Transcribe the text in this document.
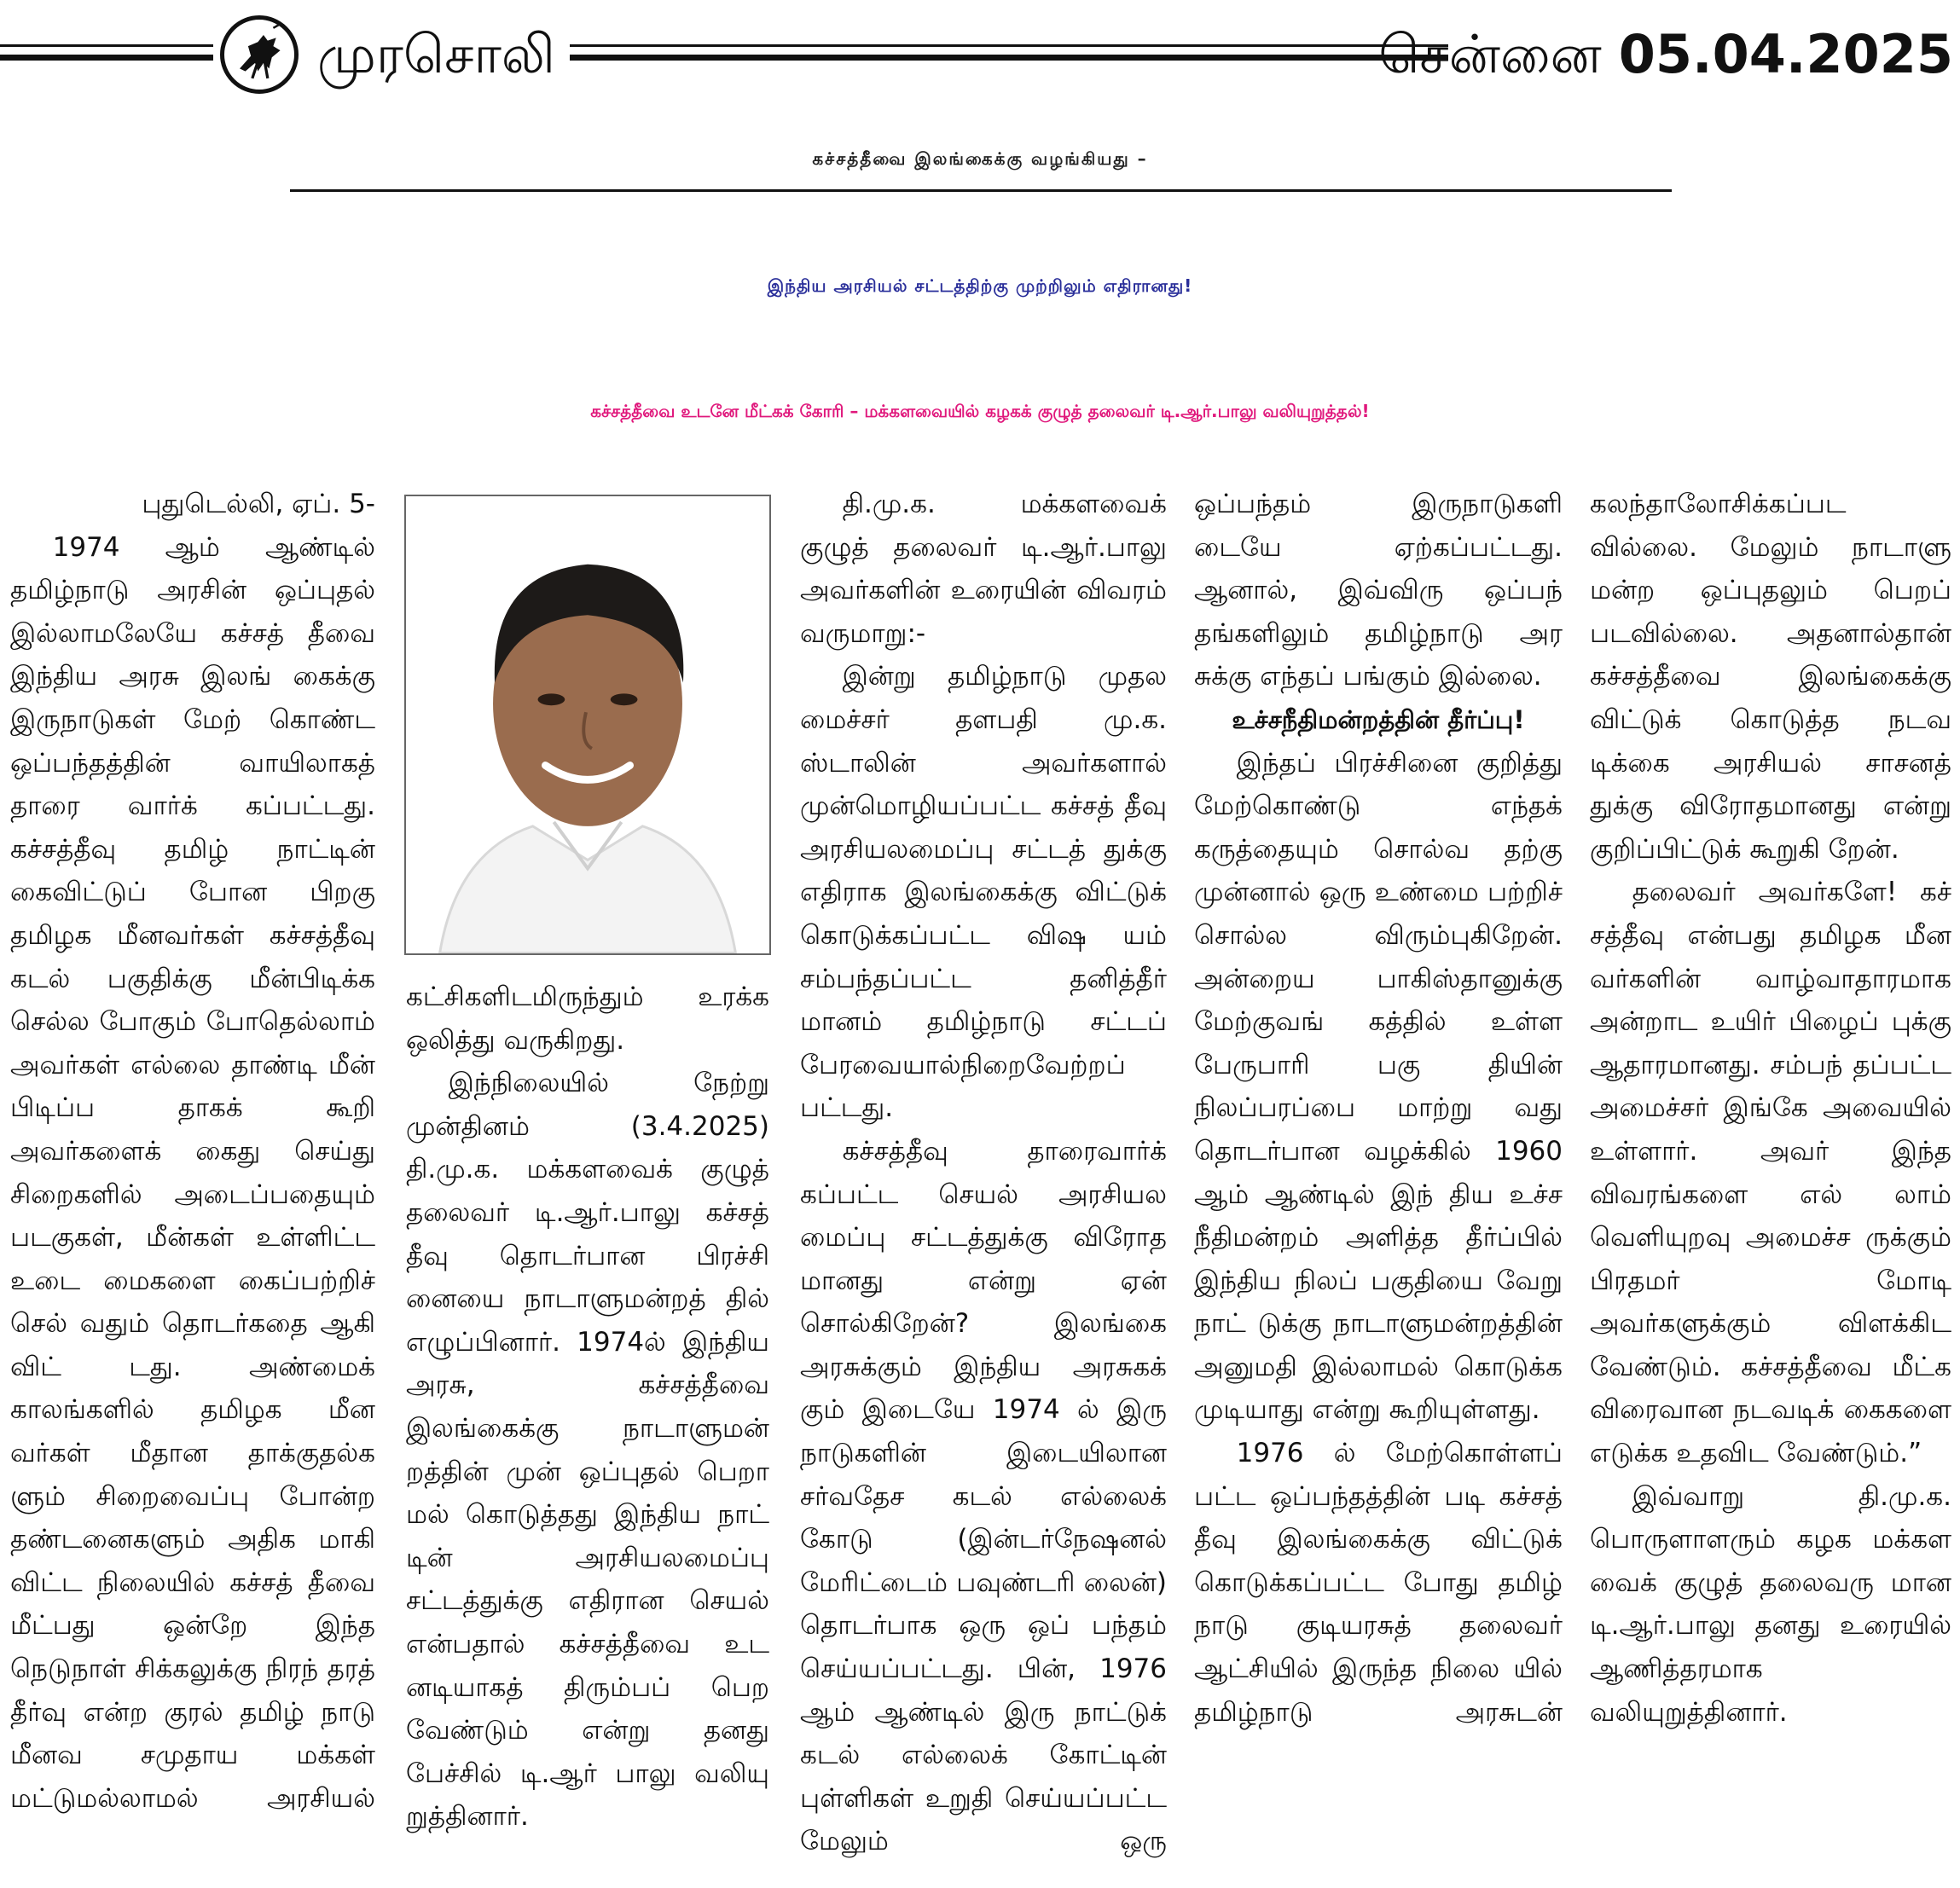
முரசொலி	சென்னை 05.04.2025
கச்சத்தீவை இலங்கைக்கு வழங்கியது –
இந்திய அரசியல் சட்டத்திற்கு முற்றிலும் எதிரானது!
கச்சத்தீவை உடனே மீட்கக் கோரி – மக்களவையில் கழகக் குழுத் தலைவர் டி.ஆர்.பாலு வலியுறுத்தல்!

புதுடெல்லி, ஏப். 5-

1974 ஆம் ஆண்டில் தமிழ்நாடு அரசின் ஒப்புதல் இல்லாமலேயே கச்சத் தீவை இந்திய அரசு இலங் கைக்கு இருநாடுகள் மேற் கொண்ட ஒப்பந்தத்தின் வாயிலாகத் தாரை வார்க் கப்பட்டது. கச்சத்தீவு தமிழ் நாட்டின் கைவிட்டுப் போன பிறகு தமிழக மீனவர்கள் கச்சத்தீவு கடல் பகுதிக்கு மீன்பிடிக்க செல்ல போகும் போதெல்லாம் அவர்கள் எல்லை தாண்டி மீன் பிடிப்ப தாகக் கூறி அவர்களைக் கைது செய்து சிறைகளில் அடைப்பதையும் படகுகள், மீன்கள் உள்ளிட்ட உடை மைகளை கைப்பற்றிச் செல் வதும் தொடர்கதை ஆகி விட் டது. அண்மைக் காலங்களில் தமிழக மீன வர்கள் மீதான தாக்குதல்க ளும் சிறைவைப்பு போன்ற தண்டனைகளும் அதிக மாகி விட்ட நிலையில் கச்சத் தீவை மீட்பது ஒன்றே இந்த நெடுநாள் சிக்கலுக்கு நிரந் தரத் தீர்வு என்ற குரல் தமிழ் நாடு மீனவ சமுதாய மக்கள் மட்டுமல்லாமல் அரசியல்

கட்சிகளிடமிருந்தும் உரக்க ஒலித்து வருகிறது.

இந்நிலையில் நேற்று முன்தினம் (3.4.2025) தி.மு.க. மக்களவைக் குழுத் தலைவர் டி.ஆர்.பாலு கச்சத் தீவு தொடர்பான பிரச்சி னையை நாடாளுமன்றத் தில் எழுப்பினார். 1974ல் இந்திய அரசு, கச்சத்தீவை இலங்கைக்கு நாடாளுமன் றத்தின் முன் ஒப்புதல் பெறா மல் கொடுத்தது இந்திய நாட் டின் அரசியலமைப்பு சட்டத்துக்கு எதிரான செயல் என்பதால் கச்சத்தீவை உட னடியாகத் திரும்பப் பெற வேண்டும் என்று தனது பேச்சில் டி.ஆர் பாலு வலியு றுத்தினார்.

தி.மு.க. மக்களவைக் குழுத் தலைவர் டி.ஆர்.பாலு அவர்களின் உரையின் விவரம் வருமாறு:-

இன்று தமிழ்நாடு முதல மைச்சர் தளபதி மு.க. ஸ்டாலின் அவர்களால் முன்மொழியப்பட்ட கச்சத் தீவு அரசியலமைப்பு சட்டத் துக்கு எதிராக இலங்கைக்கு விட்டுக் கொடுக்கப்பட்ட விஷ யம் சம்பந்தப்பட்ட தனித்தீர் மானம் தமிழ்நாடு சட்டப் பேரவையால்நிறைவேற்றப் பட்டது.

கச்சத்தீவு தாரைவார்க் கப்பட்ட செயல் அரசியல மைப்பு சட்டத்துக்கு விரோத மானது என்று ஏன் சொல்கிறேன்? இலங்கை அரசுக்கும் இந்திய அரசுகக் கும் இடையே 1974 ல் இரு நாடுகளின் இடையிலான சர்வதேச கடல் எல்லைக் கோடு (இன்டர்நேஷனல் மேரிட்டைம் பவுண்டரி லைன்) தொடர்பாக ஒரு ஒப் பந்தம் செய்யப்பட்டது. பின், 1976 ஆம் ஆண்டில் இரு நாட்டுக் கடல் எல்லைக் கோட்டின் புள்ளிகள் உறுதி செய்யப்பட்ட மேலும் ஒரு

ஒப்பந்தம் இருநாடுகளி டையே ஏற்கப்பட்டது. ஆனால், இவ்விரு ஒப்பந் தங்களிலும் தமிழ்நாடு அர சுக்கு எந்தப் பங்கும் இல்லை.

உச்சநீதிமன்றத்தின் தீர்ப்பு!

இந்தப் பிரச்சினை குறித்து மேற்கொண்டு எந்தக் கருத்தையும் சொல்வ தற்கு முன்னால் ஒரு உண்மை பற்றிச் சொல்ல விரும்புகிறேன். அன்றைய பாகிஸ்தானுக்கு மேற்குவங் கத்தில் உள்ள பேருபாரி பகு தியின் நிலப்பரப்பை மாற்று வது தொடர்பான வழக்கில் 1960 ஆம் ஆண்டில் இந் திய உச்ச நீதிமன்றம் அளித்த தீர்ப்பில் இந்திய நிலப் பகுதியை வேறு நாட் டுக்கு நாடாளுமன்றத்தின் அனுமதி இல்லாமல் கொடுக்க முடியாது என்று கூறியுள்ளது.

1976 ல் மேற்கொள்ளப் பட்ட ஒப்பந்தத்தின் படி கச்சத் தீவு இலங்கைக்கு விட்டுக் கொடுக்கப்பட்ட போது தமிழ் நாடு குடியரசுத் தலைவர் ஆட்சியில் இருந்த நிலை யில் தமிழ்நாடு அரசுடன்

கலந்தாலோசிக்கப்பட வில்லை. மேலும் நாடாளு மன்ற ஒப்புதலும் பெறப் படவில்லை. அதனால்தான் கச்சத்தீவை இலங்கைக்கு விட்டுக் கொடுத்த நடவ டிக்கை அரசியல் சாசனத் துக்கு விரோதமானது என்று குறிப்பிட்டுக் கூறுகி றேன்.

தலைவர் அவர்களே! கச் சத்தீவு என்பது தமிழக மீன வர்களின் வாழ்வாதாரமாக அன்றாட உயிர் பிழைப் புக்கு ஆதாரமானது. சம்பந் தப்பட்ட அமைச்சர் இங்கே அவையில் உள்ளார். அவர் இந்த விவரங்களை எல் லாம் வெளியுறவு அமைச்ச ருக்கும் பிரதமர் மோடி அவர்களுக்கும் விளக்கிட வேண்டும். கச்சத்தீவை மீட்க விரைவான நடவடிக் கைகளை எடுக்க உதவிட வேண்டும்.”

இவ்வாறு தி.மு.க. பொருளாளரும் கழக மக்கள வைக் குழுத் தலைவரு மான டி.ஆர்.பாலு தனது உரையில் ஆணித்தரமாக வலியுறுத்தினார்.
